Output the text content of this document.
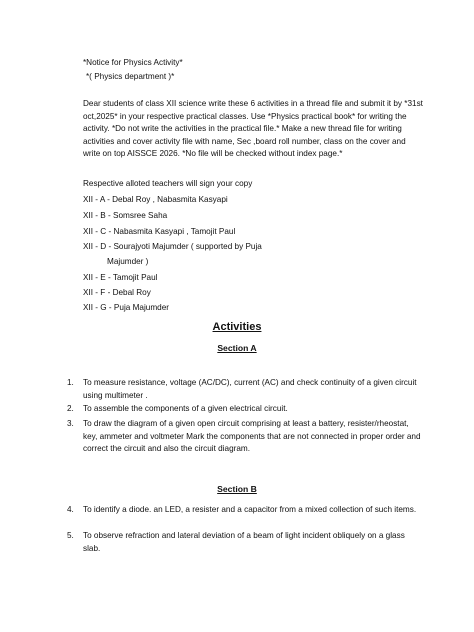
*Notice for Physics Activity*
*( Physics department )*
Dear students of class XII science write these 6 activities in a thread file and submit it by *31st oct,2025* in your respective practical classes. Use *Physics practical book* for writing the activity. *Do not write the activities in the practical file.* Make a new thread file for writing activities and cover activity file with name, Sec ,board roll number, class on the cover and write on top AISSCE 2026. *No file will be checked without index page.*
Respective alloted teachers will sign your copy
XII - A - Debal Roy , Nabasmita Kasyapi
XII - B - Somsree Saha
XII - C - Nabasmita Kasyapi , Tamojit Paul
XII - D - Sourajyoti Majumder ( supported by Puja
Majumder )
XII - E - Tamojit Paul
XII - F - Debal Roy
XII - G - Puja Majumder
Activities
Section A
1. To measure resistance, voltage (AC/DC), current (AC) and check continuity of a given circuit using multimeter .
2. To assemble the components of a given electrical circuit.
3. To draw the diagram of a given open circuit comprising at least a battery, resister/rheostat, key, ammeter and voltmeter Mark the components that are not connected in proper order and correct the circuit and also the circuit diagram.
Section B
4. To identify a diode. an LED, a resister and a capacitor from a mixed collection of such items.
5. To observe refraction and lateral deviation of a beam of light incident obliquely on a glass slab.
